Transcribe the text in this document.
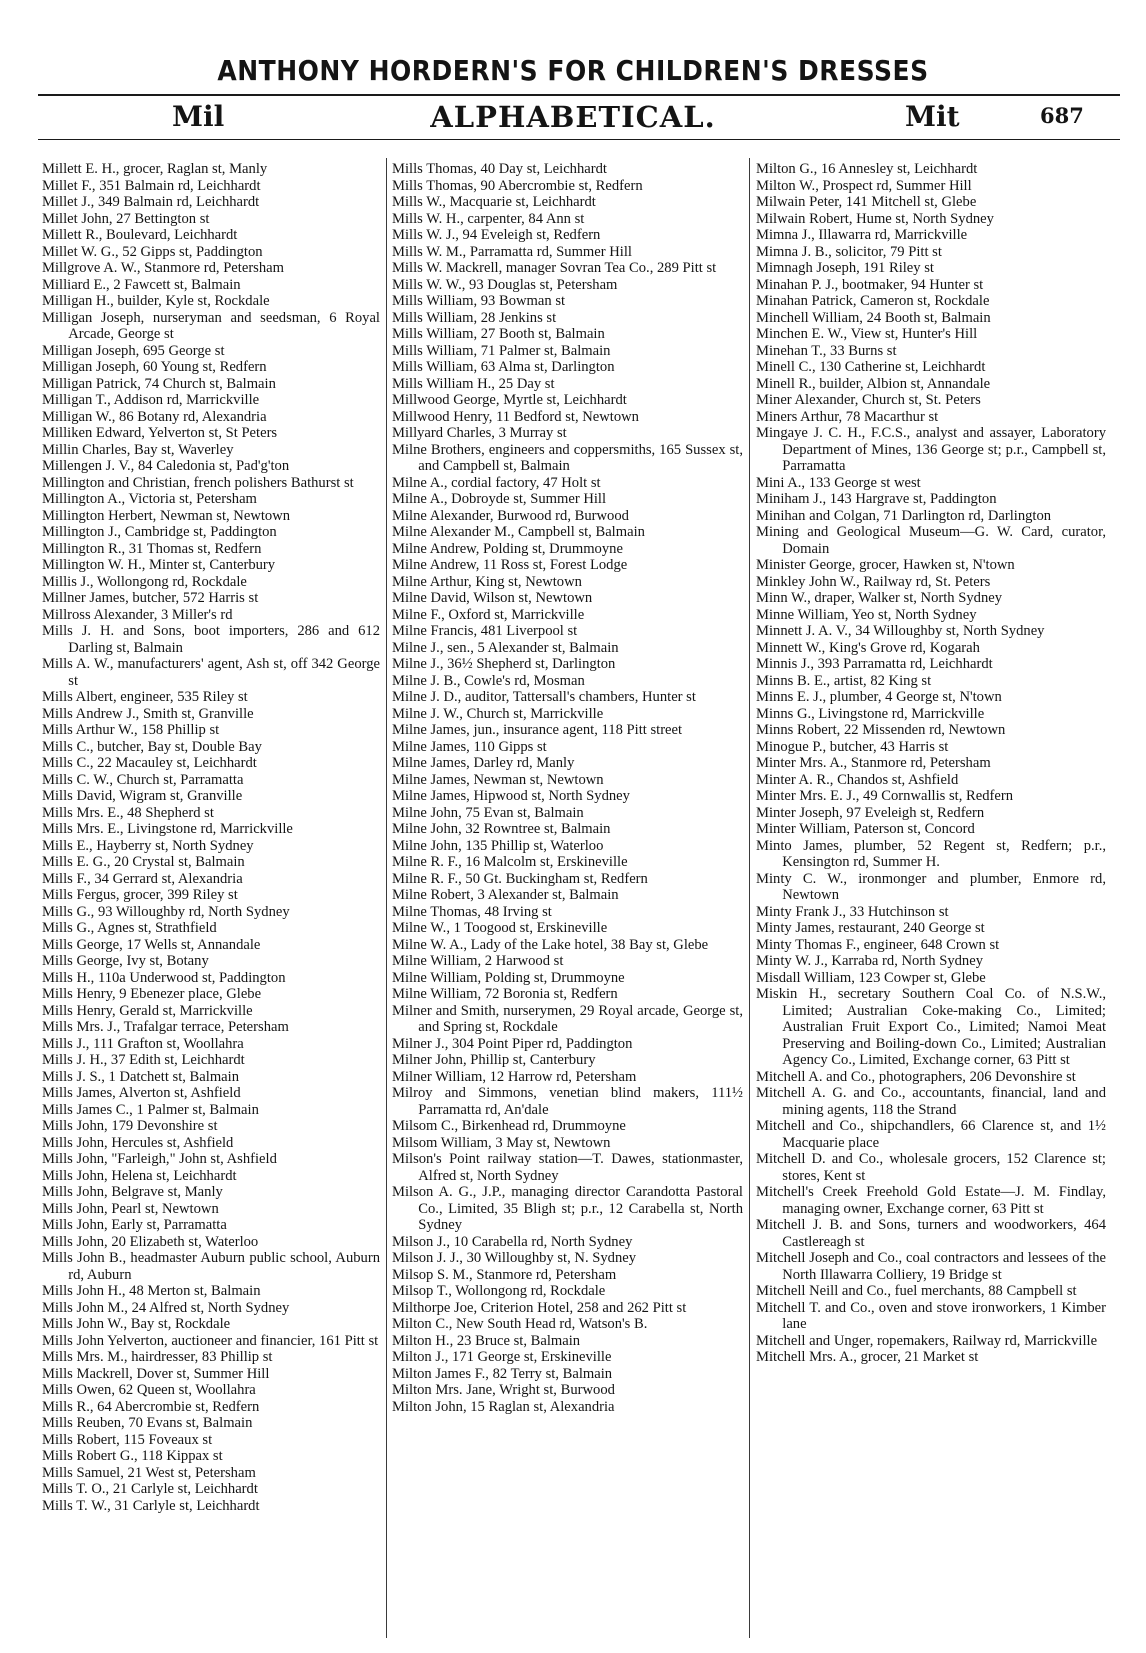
ANTHONY HORDERN'S FOR CHILDREN'S DRESSES
Mil	ALPHABETICAL.	Mit	687
Millett E. H., grocer, Raglan st, Manly
Millet F., 351 Balmain rd, Leichhardt
Millet J., 349 Balmain rd, Leichhardt
Millet John, 27 Bettington st
Millett R., Boulevard, Leichhardt
Millet W. G., 52 Gipps st, Paddington
Millgrove A. W., Stanmore rd, Petersham
Milliard E., 2 Fawcett st, Balmain
Milligan H., builder, Kyle st, Rockdale
Milligan Joseph, nurseryman and seedsman, 6 Royal Arcade, George st
Milligan Joseph, 695 George st
Milligan Joseph, 60 Young st, Redfern
Milligan Patrick, 74 Church st, Balmain
Milligan T., Addison rd, Marrickville
Milligan W., 86 Botany rd, Alexandria
Milliken Edward, Yelverton st, St Peters
Millin Charles, Bay st, Waverley
Millengen J. V., 84 Caledonia st, Pad'g'ton
Millington and Christian, french polishers Bathurst st
Millington A., Victoria st, Petersham
Millington Herbert, Newman st, Newtown
Millington J., Cambridge st, Paddington
Millington R., 31 Thomas st, Redfern
Millington W. H., Minter st, Canterbury
Millis J., Wollongong rd, Rockdale
Millner James, butcher, 572 Harris st
Millross Alexander, 3 Miller's rd
Mills J. H. and Sons, boot importers, 286 and 612 Darling st, Balmain
Mills A. W., manufacturers' agent, Ash st, off 342 George st
Mills Albert, engineer, 535 Riley st
Mills Andrew J., Smith st, Granville
Mills Arthur W., 158 Phillip st
Mills C., butcher, Bay st, Double Bay
Mills C., 22 Macauley st, Leichhardt
Mills C. W., Church st, Parramatta
Mills David, Wigram st, Granville
Mills Mrs. E., 48 Shepherd st
Mills Mrs. E., Livingstone rd, Marrickville
Mills E., Hayberry st, North Sydney
Mills E. G., 20 Crystal st, Balmain
Mills F., 34 Gerrard st, Alexandria
Mills Fergus, grocer, 399 Riley st
Mills G., 93 Willoughby rd, North Sydney
Mills G., Agnes st, Strathfield
Mills George, 17 Wells st, Annandale
Mills George, Ivy st, Botany
Mills H., 110a Underwood st, Paddington
Mills Henry, 9 Ebenezer place, Glebe
Mills Henry, Gerald st, Marrickville
Mills Mrs. J., Trafalgar terrace, Petersham
Mills J., 111 Grafton st, Woollahra
Mills J. H., 37 Edith st, Leichhardt
Mills J. S., 1 Datchett st, Balmain
Mills James, Alverton st, Ashfield
Mills James C., 1 Palmer st, Balmain
Mills John, 179 Devonshire st
Mills John, Hercules st, Ashfield
Mills John, "Farleigh," John st, Ashfield
Mills John, Helena st, Leichhardt
Mills John, Belgrave st, Manly
Mills John, Pearl st, Newtown
Mills John, Early st, Parramatta
Mills John, 20 Elizabeth st, Waterloo
Mills John B., headmaster Auburn public school, Auburn rd, Auburn
Mills John H., 48 Merton st, Balmain
Mills John M., 24 Alfred st, North Sydney
Mills John W., Bay st, Rockdale
Mills John Yelverton, auctioneer and financier, 161 Pitt st
Mills Mrs. M., hairdresser, 83 Phillip st
Mills Mackrell, Dover st, Summer Hill
Mills Owen, 62 Queen st, Woollahra
Mills R., 64 Abercrombie st, Redfern
Mills Reuben, 70 Evans st, Balmain
Mills Robert, 115 Foveaux st
Mills Robert G., 118 Kippax st
Mills Samuel, 21 West st, Petersham
Mills T. O., 21 Carlyle st, Leichhardt
Mills T. W., 31 Carlyle st, Leichhardt
Mills Thomas, 40 Day st, Leichhardt
Mills Thomas, 90 Abercrombie st, Redfern
Mills W., Macquarie st, Leichhardt
Mills W. H., carpenter, 84 Ann st
Mills W. J., 94 Eveleigh st, Redfern
Mills W. M., Parramatta rd, Summer Hill
Mills W. Mackrell, manager Sovran Tea Co., 289 Pitt st
Mills W. W., 93 Douglas st, Petersham
Mills William, 93 Bowman st
Mills William, 28 Jenkins st
Mills William, 27 Booth st, Balmain
Mills William, 71 Palmer st, Balmain
Mills William, 63 Alma st, Darlington
Mills William H., 25 Day st
Millwood George, Myrtle st, Leichhardt
Millwood Henry, 11 Bedford st, Newtown
Millyard Charles, 3 Murray st
Milne Brothers, engineers and coppersmiths, 165 Sussex st, and Campbell st, Balmain
Milne A., cordial factory, 47 Holt st
Milne A., Dobroyde st, Summer Hill
Milne Alexander, Burwood rd, Burwood
Milne Alexander M., Campbell st, Balmain
Milne Andrew, Polding st, Drummoyne
Milne Andrew, 11 Ross st, Forest Lodge
Milne Arthur, King st, Newtown
Milne David, Wilson st, Newtown
Milne F., Oxford st, Marrickville
Milne Francis, 481 Liverpool st
Milne J., sen., 5 Alexander st, Balmain
Milne J., 36½ Shepherd st, Darlington
Milne J. B., Cowle's rd, Mosman
Milne J. D., auditor, Tattersall's chambers, Hunter st
Milne J. W., Church st, Marrickville
Milne James, jun., insurance agent, 118 Pitt street
Milne James, 110 Gipps st
Milne James, Darley rd, Manly
Milne James, Newman st, Newtown
Milne James, Hipwood st, North Sydney
Milne John, 75 Evan st, Balmain
Milne John, 32 Rowntree st, Balmain
Milne John, 135 Phillip st, Waterloo
Milne R. F., 16 Malcolm st, Erskineville
Milne R. F., 50 Gt. Buckingham st, Redfern
Milne Robert, 3 Alexander st, Balmain
Milne Thomas, 48 Irving st
Milne W., 1 Toogood st, Erskineville
Milne W. A., Lady of the Lake hotel, 38 Bay st, Glebe
Milne William, 2 Harwood st
Milne William, Polding st, Drummoyne
Milne William, 72 Boronia st, Redfern
Milner and Smith, nurserymen, 29 Royal arcade, George st, and Spring st, Rockdale
Milner J., 304 Point Piper rd, Paddington
Milner John, Phillip st, Canterbury
Milner William, 12 Harrow rd, Petersham
Milroy and Simmons, venetian blind makers, 111½ Parramatta rd, An'dale
Milsom C., Birkenhead rd, Drummoyne
Milsom William, 3 May st, Newtown
Milson's Point railway station—T. Dawes, stationmaster, Alfred st, North Sydney
Milson A. G., J.P., managing director Carandotta Pastoral Co., Limited, 35 Bligh st; p.r., 12 Carabella st, North Sydney
Milson J., 10 Carabella rd, North Sydney
Milson J. J., 30 Willoughby st, N. Sydney
Milsop S. M., Stanmore rd, Petersham
Milsop T., Wollongong rd, Rockdale
Milthorpe Joe, Criterion Hotel, 258 and 262 Pitt st
Milton C., New South Head rd, Watson's B.
Milton H., 23 Bruce st, Balmain
Milton J., 171 George st, Erskineville
Milton James F., 82 Terry st, Balmain
Milton Mrs. Jane, Wright st, Burwood
Milton John, 15 Raglan st, Alexandria
Milton G., 16 Annesley st, Leichhardt
Milton W., Prospect rd, Summer Hill
Milwain Peter, 141 Mitchell st, Glebe
Milwain Robert, Hume st, North Sydney
Mimna J., Illawarra rd, Marrickville
Mimna J. B., solicitor, 79 Pitt st
Mimnagh Joseph, 191 Riley st
Minahan P. J., bootmaker, 94 Hunter st
Minahan Patrick, Cameron st, Rockdale
Minchell William, 24 Booth st, Balmain
Minchen E. W., View st, Hunter's Hill
Minehan T., 33 Burns st
Minell C., 130 Catherine st, Leichhardt
Minell R., builder, Albion st, Annandale
Miner Alexander, Church st, St. Peters
Miners Arthur, 78 Macarthur st
Mingaye J. C. H., F.C.S., analyst and assayer, Laboratory Department of Mines, 136 George st; p.r., Campbell st, Parramatta
Mini A., 133 George st west
Miniham J., 143 Hargrave st, Paddington
Minihan and Colgan, 71 Darlington rd, Darlington
Mining and Geological Museum—G. W. Card, curator, Domain
Minister George, grocer, Hawken st, N'town
Minkley John W., Railway rd, St. Peters
Minn W., draper, Walker st, North Sydney
Minne William, Yeo st, North Sydney
Minnett J. A. V., 34 Willoughby st, North Sydney
Minnett W., King's Grove rd, Kogarah
Minnis J., 393 Parramatta rd, Leichhardt
Minns B. E., artist, 82 King st
Minns E. J., plumber, 4 George st, N'town
Minns G., Livingstone rd, Marrickville
Minns Robert, 22 Missenden rd, Newtown
Minogue P., butcher, 43 Harris st
Minter Mrs. A., Stanmore rd, Petersham
Minter A. R., Chandos st, Ashfield
Minter Mrs. E. J., 49 Cornwallis st, Redfern
Minter Joseph, 97 Eveleigh st, Redfern
Minter William, Paterson st, Concord
Minto James, plumber, 52 Regent st, Redfern; p.r., Kensington rd, Summer H.
Minty C. W., ironmonger and plumber, Enmore rd, Newtown
Minty Frank J., 33 Hutchinson st
Minty James, restaurant, 240 George st
Minty Thomas F., engineer, 648 Crown st
Minty W. J., Karraba rd, North Sydney
Misdall William, 123 Cowper st, Glebe
Miskin H., secretary Southern Coal Co. of N.S.W., Limited; Australian Coke-making Co., Limited; Australian Fruit Export Co., Limited; Namoi Meat Preserving and Boiling-down Co., Limited; Australian Agency Co., Limited, Exchange corner, 63 Pitt st
Mitchell A. and Co., photographers, 206 Devonshire st
Mitchell A. G. and Co., accountants, financial, land and mining agents, 118 the Strand
Mitchell and Co., shipchandlers, 66 Clarence st, and 1½ Macquarie place
Mitchell D. and Co., wholesale grocers, 152 Clarence st; stores, Kent st
Mitchell's Creek Freehold Gold Estate—J. M. Findlay, managing owner, Exchange corner, 63 Pitt st
Mitchell J. B. and Sons, turners and woodworkers, 464 Castlereagh st
Mitchell Joseph and Co., coal contractors and lessees of the North Illawarra Colliery, 19 Bridge st
Mitchell Neill and Co., fuel merchants, 88 Campbell st
Mitchell T. and Co., oven and stove ironworkers, 1 Kimber lane
Mitchell and Unger, ropemakers, Railway rd, Marrickville
Mitchell Mrs. A., grocer, 21 Market st
